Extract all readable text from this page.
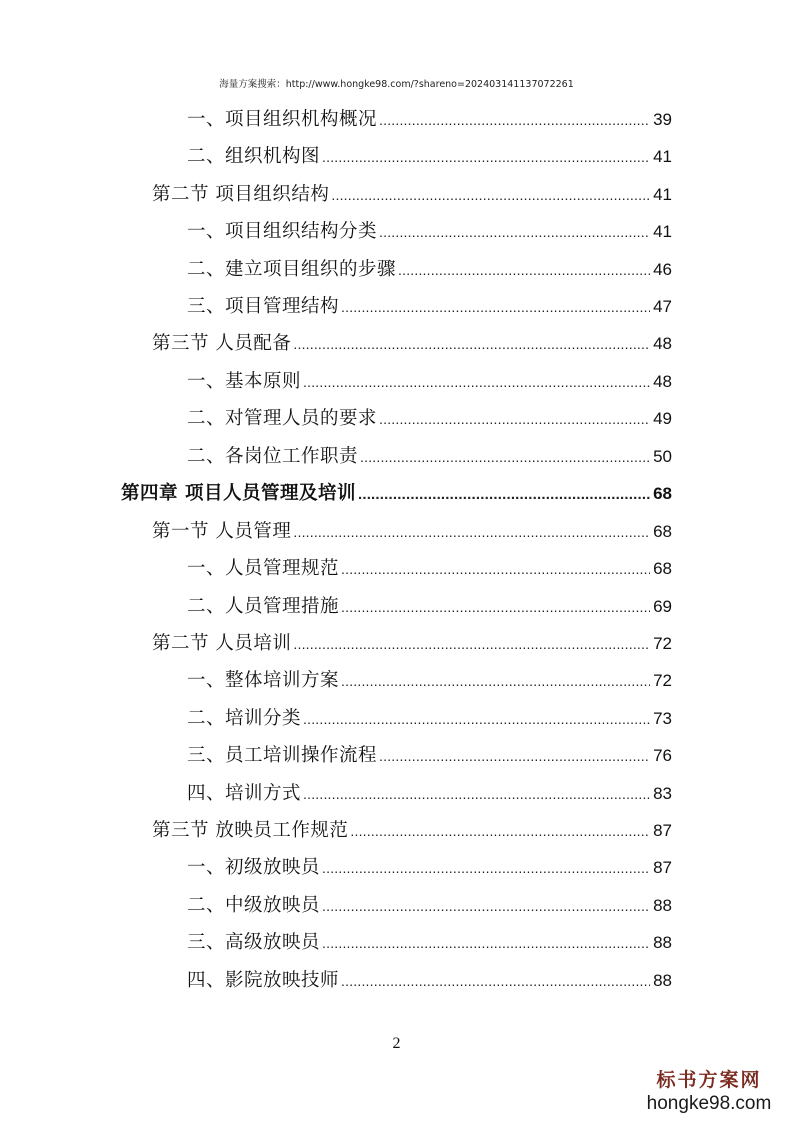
海量方案搜索：http://www.hongke98.com/?shareno=202403141137072261
一、项目组织机构概况 .....	39
二、组织机构图 .....	41
第二节 项目组织结构 .....	41
一、项目组织结构分类 .....	41
二、建立项目组织的步骤 .....	46
三、项目管理结构 .....	47
第三节 人员配备 .....	48
一、基本原则 .....	48
二、对管理人员的要求 .....	49
二、各岗位工作职责 .....	50
第四章 项目人员管理及培训 .....	68
第一节 人员管理 .....	68
一、人员管理规范 .....	68
二、人员管理措施 .....	69
第二节 人员培训 .....	72
一、整体培训方案 .....	72
二、培训分类 .....	73
三、员工培训操作流程 .....	76
四、培训方式 .....	83
第三节 放映员工作规范 .....	87
一、初级放映员 .....	87
二、中级放映员 .....	88
三、高级放映员 .....	88
四、影院放映技师 .....	88
2
标书方案网
hongke98.com
